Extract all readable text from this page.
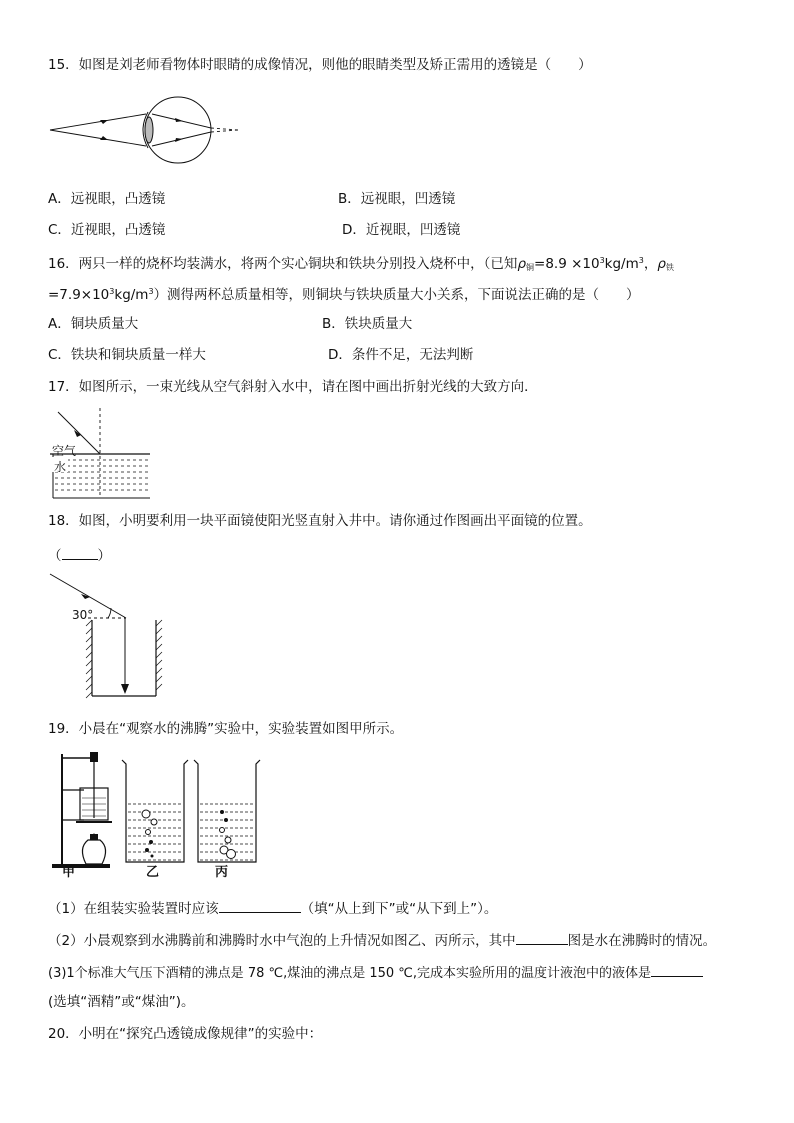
15．如图是刘老师看物体时眼睛的成像情况，则他的眼睛类型及矫正需用的透镜是（　　）
A．远视眼，凸透镜	B．远视眼，凹透镜
C．近视眼，凸透镜	D．近视眼，凹透镜
16．两只一样的烧杯均装满水，将两个实心铜块和铁块分别投入烧杯中，（已知$\rho_铜=8.9 \times 10^3kg/m^3$，$\rho_铁$
$=7.9\times 10^3kg/m^3$）测得两杯总质量相等，则铜块与铁块质量大小关系，下面说法正确的是（　　）
A．铜块质量大	B．铁块质量大
C．铁块和铜块质量一样大	D．条件不足，无法判断
17．如图所示，一束光线从空气斜射入水中，请在图中画出折射光线的大致方向．
空气
水
18．如图，小明要利用一块平面镜使阳光竖直射入井中。请你通过作图画出平面镜的位置。
（	）
30°
19．小晨在“观察水的沸腾”实验中，实验装置如图甲所示。
甲	乙	丙
（1）在组装实验装置时应该	（填“从上到下”或“从下到上”）。
（2）小晨观察到水沸腾前和沸腾时水中气泡的上升情况如图乙、丙所示，其中	图是水在沸腾时的情况。
(3)1个标准大气压下酒精的沸点是 78 ℃,煤油的沸点是 150 ℃,完成本实验所用的温度计液泡中的液体是
(选填“酒精”或“煤油”)。
20．小明在“探究凸透镜成像规律”的实验中：
